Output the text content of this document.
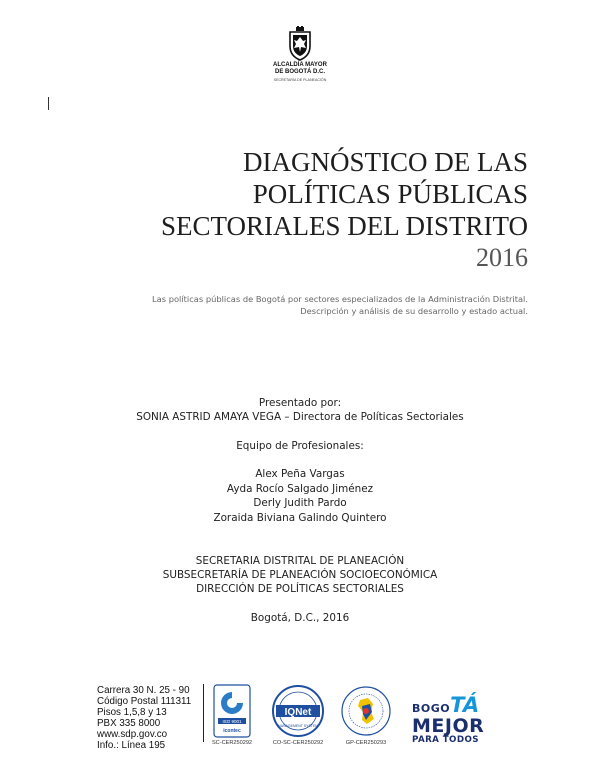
ALCALDÍA MAYOR
DE BOGOTÁ D.C.
SECRETARÍA DE PLANEACIÓN
DIAGNÓSTICO DE LAS
POLÍTICAS PÚBLICAS
SECTORIALES DEL DISTRITO
2016
Las políticas públicas de Bogotá por sectores especializados de la Administración Distrital.
Descripción y análisis de su desarrollo y estado actual.
Presentado por:
SONIA ASTRID AMAYA VEGA – Directora de Políticas Sectoriales
Equipo de Profesionales:
Alex Peña Vargas
Ayda Rocío Salgado Jiménez
Derly Judith Pardo
Zoraida Biviana Galindo Quintero
SECRETARIA DISTRITAL DE PLANEACIÓN
SUBSECRETARÍA DE PLANEACIÓN SOCIOECONÓMICA
DIRECCIÓN DE POLÍTICAS SECTORIALES
Bogotá, D.C., 2016
Carrera 30 N. 25 - 90
Código Postal 111311
Pisos 1,5,8 y 13
PBX 335 8000
www.sdp.gov.co
Info.: Línea 195
ISO 9001
icontec
SC-CER250292
IQNet
MANAGEMENT SYSTEM
CO-SC-CER250292	GP-CER250293
BOGOTÁ
MEJOR
PARA TODOS
